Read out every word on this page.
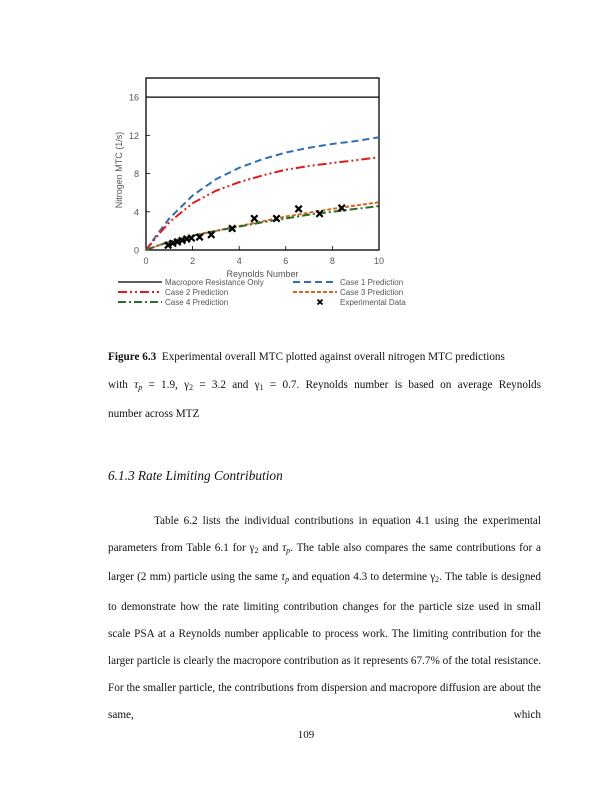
0
4
8
12
16
0	2	4	6	8	10
Reynolds Number
Nitrogen MTC (1/s)
Macropore Resistance Only
Case 2 Prediction
Case 4 Prediction
Case 1 Prediction
Case 3 Prediction
Experimental Data
Figure 6.3 Experimental overall MTC plotted against overall nitrogen MTC predictions
with $\tau_p = 1.9$, $\gamma_2 = 3.2$ and $\gamma_1 = 0.7$. Reynolds number is based on average Reynolds
number across MTZ
6.1.3 Rate Limiting Contribution
Table 6.2 lists the individual contributions in equation 4.1 using the experimental parameters from Table 6.1 for $\gamma_2$ and $\tau_p$. The table also compares the same contributions for a larger (2 mm) particle using the same $\tau_p$ and equation 4.3 to determine $\gamma_2$. The table is designed to demonstrate how the rate limiting contribution changes for the particle size used in small scale PSA at a Reynolds number applicable to process work. The limiting contribution for the larger particle is clearly the macropore contribution as it represents 67.7% of the total resistance. For the smaller particle, the contributions from dispersion and macropore diffusion are about the same, which
109
